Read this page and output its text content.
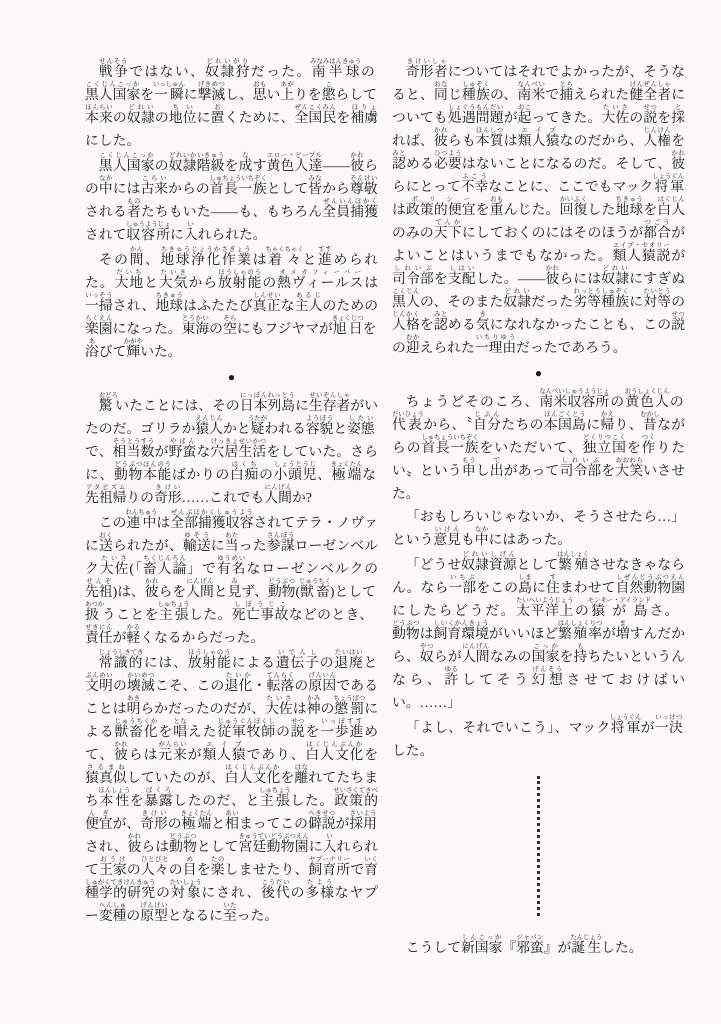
戦争せんそうではない、奴隷狩どれいがりだった。南半球みなみはんきゅうの黒人国家こくじんこっかを一瞬いっしゅんに撃滅げきめつし、思おもい上あがりを懲こらして本来ほんらいの奴隷どれいの地位ちいに置おくために、全国民ぜんこくみんを補虜ほりょにした。

黒人国家こくじんこっかの奴隷階級どれいかいきゅうを成なす黄色人達エロー・ピープル――彼かれらの中なかには古来こらいからの首長一族しゅちょういちぞくとして皆みなから尊敬そんけいされる者ものたちもいた――も、もちろん全員捕獲ぜんいんほかくされて収容所しゅうようじょに入いれられた。

その間かん、地球浄化作業ちきゅうじょうかさぎょうは着々ちゃくちゃくと進すすめられた。大地だいちと大気たいきから放射能ほうしゃのうの熱ヴィールスオメガフィーバーは一掃いっそうされ、地球ちきゅうはふたたび真正しんせいな主人あるじのための楽園らくえんになった。東海とうかいの空そらにもフジヤマが旭日きょくじつを浴あびて輝かがやいた。

●

驚おどろいたことには、その日本列島にっぽんれっとうに生存者せいぞんしゃがいたのだ。ゴリラか猿人えんじんかと疑うたがわれる容貌ようぼうと姿態したいで、相当数そうとうすうが野蛮やばんな穴居生活けっきょせいかつをしていた。さらに、動物本能どうぶつほんのうばかりの白痴はくちの小頭児しょうとうじ、極端きょくたんな先祖帰アタビズムりの奇形きけい……これでも人間にんげんか?

この連中れんちゅうは全部捕獲収容ぜんぶほかくしゅうようされてテラ・ノヴァに送おくられたが、輸送ゆそうに当あたった参謀さんぼうローゼンベルク大佐たいさ(「畜人論ちくじんろん」で有名ゆうめいなローゼンベルクの先祖せんぞ)は、彼かれらを人間にんげんと見みず、動物どうぶつ(獣畜じゅうちく)として扱あつかうことを主張しゅちょうした。死亡事故しぼうじこなどのとき、責任せきにんが軽かるくなるからだった。

常識的じょうしきてきには、放射能ほうしゃのうによる遺伝子いでんしの退廃たいはいと文明ぶんめいの壊滅かいめつこそ、この退化たいか・転落てんらくの原因げんいんであることは明あきらかだったのだが、大佐たいさは神かみの懲罰ちょうばつによる獣畜化じゅうちくかを唱となえた従軍牧師じゅうぐんぼくしの説せつを一歩進いっぽすすめて、彼かれらは元来がんらいが類人猿エイプであり、白人文化はくじんぶんかを猿真似さるまねしていたのが、白人文化はくじんぶんかを離はなれてたちまち本性ほんしょうを暴露ばくろしたのだ、と主張しゅちょうした。政策的便宜せいさくてきべんぎが、奇形きけいの極端きょくたんと相あいまってこの僻説へきせつが採用さいようされ、彼かれらは動物どうぶつとして宮廷動物園きゅうていどうぶつえんに入いれられて王家おうけの人々ひとびとの目めを楽たのしませたり、飼育所ヤプーナリーで育種学的研究いくしゅがくてきけんきゅうの対象たいしょうにされ、後代こうだいの多様たようなヤプー変種へんしゅの原型げんけいとなるに至いたった。

奇形者きけいしゃについてはそれでよかったが、そうなると、同おなじ種族しゅぞくの、南米なんべいで捕とらえられた健全者けんぜんしゃについても処遇問題しょぐうもんだいが起おこってきた。大佐たいさの説せつを採とれば、彼かれらも本質ほんしつは類人猿エイプなのだから、人権じんけんを認みとめる必要ひつようはないことになるのだ。そして、彼かれらにとって不幸ふこうなことに、ここでもマック将軍しょうぐんは政策的便宜ポリシーを重おもんじた。回復かいふくした地球ちきゅうを白人はくじんのみの天下てんかにしておくのにはそのほうが都合つごうがよいことはいうまでもなかった。類人猿説エイプ・セオリーが司令部しれいぶを支配しはいした。――彼かれらには奴隷どれいにすぎぬ黒人こくじんの、そのまた奴隷どれいだった劣等種族れっとうしゅぞくに対等たいとうの人格じんかくを認みとめる気きになれなかったことも、この説せつの迎むかえられた一理由いちりゆうだったであろう。

●

ちょうどそのころ、南米収容所なんべいしゅうようじょの黄色人おうしょくじんの代表だいひょうから、〝自分じぶんたちの本国島ほんごくとうに帰かえり、昔むかしながらの首長一族しゅちょういちぞくをいただいて、独立国どくりつこくを作つくりたい〟という申もうし出でがあって司令部しれいぶを大笑おおわらいさせた。

「おもしろいじゃないか、そうさせたら…」という意見いけんも中なかにはあった。

「どうせ奴隷資源どれいしげんとして繁殖はんしょくさせなきゃならん。なら一部いちぶをこの島しまに住すまわせて自然動物園しぜんどうぶつえんにしたらどうだ。太平洋上たいへいようじょうの猿が島モンキー・アイランドさ。動物どうぶつは飼育環境しいくかんきょうがいいほど繁殖率はんしょくりつが増ますんだから、奴やつらが人間にんげんなみの国家こっかを持もちたいというんなら、許ゆるしてそう幻想げんそうさせておけばいい。……」

「よし、それでいこう」、マック将軍しょうぐんが一決いっけつした。

こうして新国家しんこっか『邪蛮ジャパン』が誕生たんじょうした。
